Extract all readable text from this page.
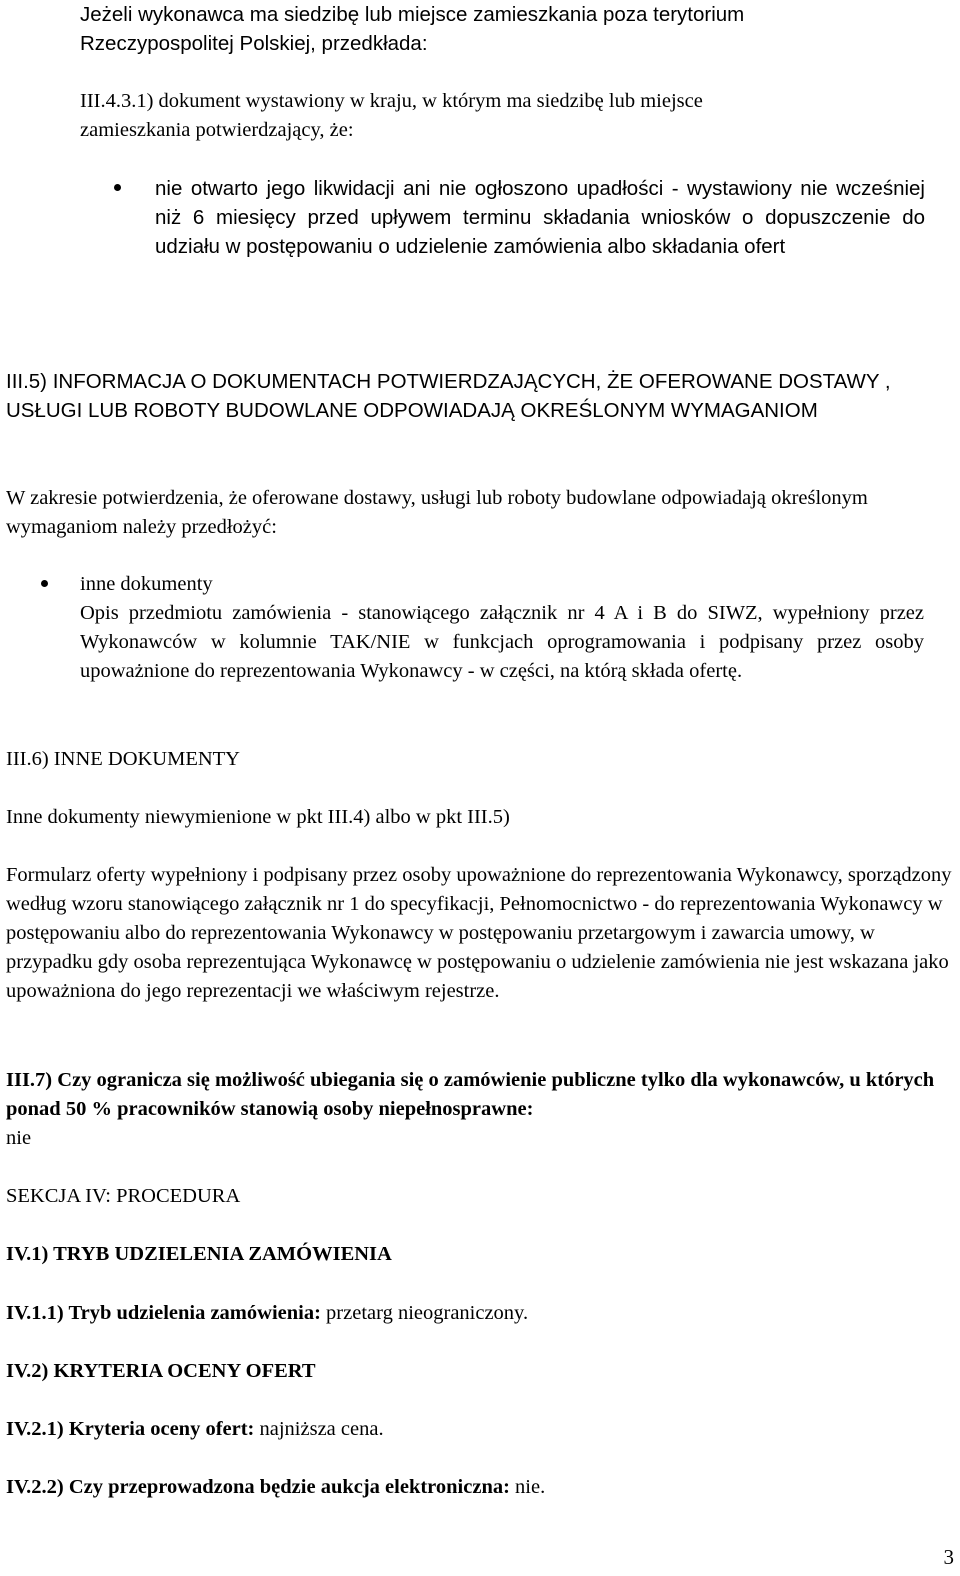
Jeżeli wykonawca ma siedzibę lub miejsce zamieszkania poza terytorium
Rzeczypospolitej Polskiej, przedkłada:
III.4.3.1) dokument wystawiony w kraju, w którym ma siedzibę lub miejsce
zamieszkania potwierdzający, że:
nie otwarto jego likwidacji ani nie ogłoszono upadłości - wystawiony nie wcześniej niż 6 miesięcy przed upływem terminu składania wniosków o dopuszczenie do udziału w postępowaniu o udzielenie zamówienia albo składania ofert
III.5) INFORMACJA O DOKUMENTACH POTWIERDZAJĄCYCH, ŻE OFEROWANE DOSTAWY , USŁUGI LUB ROBOTY BUDOWLANE ODPOWIADAJĄ OKREŚLONYM WYMAGANIOM
W zakresie potwierdzenia, że oferowane dostawy, usługi lub roboty budowlane odpowiadają określonym wymaganiom należy przedłożyć:
inne dokumenty
Opis przedmiotu zamówienia - stanowiącego załącznik nr 4 A i B do SIWZ, wypełniony przez Wykonawców w kolumnie TAK/NIE w funkcjach oprogramowania i podpisany przez osoby upoważnione do reprezentowania Wykonawcy - w części, na którą składa ofertę.
III.6) INNE DOKUMENTY
Inne dokumenty niewymienione w pkt III.4) albo w pkt III.5)
Formularz oferty wypełniony i podpisany przez osoby upoważnione do reprezentowania Wykonawcy, sporządzony według wzoru stanowiącego załącznik nr 1 do specyfikacji, Pełnomocnictwo - do reprezentowania Wykonawcy w postępowaniu albo do reprezentowania Wykonawcy w postępowaniu przetargowym i zawarcia umowy, w przypadku gdy osoba reprezentująca Wykonawcę w postępowaniu o udzielenie zamówienia nie jest wskazana jako upoważniona do jego reprezentacji we właściwym rejestrze.
III.7) Czy ogranicza się możliwość ubiegania się o zamówienie publiczne tylko dla wykonawców, u których ponad 50 % pracowników stanowią osoby niepełnosprawne:
nie
SEKCJA IV: PROCEDURA
IV.1) TRYB UDZIELENIA ZAMÓWIENIA
IV.1.1) Tryb udzielenia zamówienia: przetarg nieograniczony.
IV.2) KRYTERIA OCENY OFERT
IV.2.1) Kryteria oceny ofert: najniższa cena.
IV.2.2) Czy przeprowadzona będzie aukcja elektroniczna: nie.
3
